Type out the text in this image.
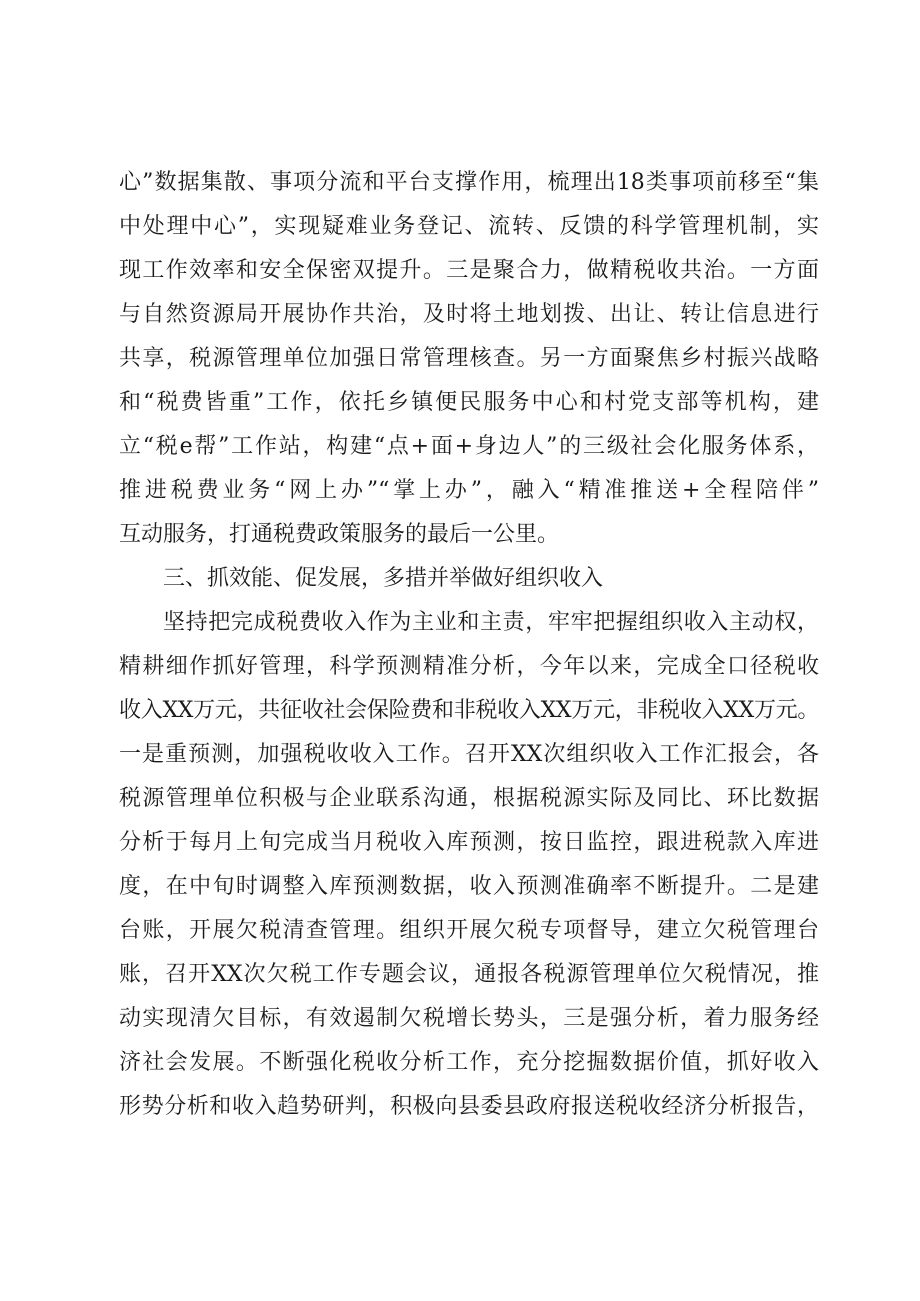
心”数据集散、事项分流和平台支撑作用，梳理出18类事项前移至“集
中处理中心”，实现疑难业务登记、流转、反馈的科学管理机制，实
现工作效率和安全保密双提升。三是聚合力，做精税收共治。一方面
与自然资源局开展协作共治，及时将土地划拨、出让、转让信息进行
共享，税源管理单位加强日常管理核查。另一方面聚焦乡村振兴战略
和“税费皆重”工作，依托乡镇便民服务中心和村党支部等机构，建
立“税e帮”工作站，构建“点+面+身边人”的三级社会化服务体系，
推进税费业务“网上办”“掌上办”，融入“精准推送+全程陪伴”
互动服务，打通税费政策服务的最后一公里。
三、抓效能、促发展，多措并举做好组织收入
坚持把完成税费收入作为主业和主责，牢牢把握组织收入主动权，
精耕细作抓好管理，科学预测精准分析，今年以来，完成全口径税收
收入XX万元，共征收社会保险费和非税收入XX万元，非税收入XX万元。
一是重预测，加强税收收入工作。召开XX次组织收入工作汇报会，各
税源管理单位积极与企业联系沟通，根据税源实际及同比、环比数据
分析于每月上旬完成当月税收入库预测，按日监控，跟进税款入库进
度，在中旬时调整入库预测数据，收入预测准确率不断提升。二是建
台账，开展欠税清查管理。组织开展欠税专项督导，建立欠税管理台
账，召开XX次欠税工作专题会议，通报各税源管理单位欠税情况，推
动实现清欠目标，有效遏制欠税增长势头，三是强分析，着力服务经
济社会发展。不断强化税收分析工作，充分挖掘数据价值，抓好收入
形势分析和收入趋势研判，积极向县委县政府报送税收经济分析报告，
